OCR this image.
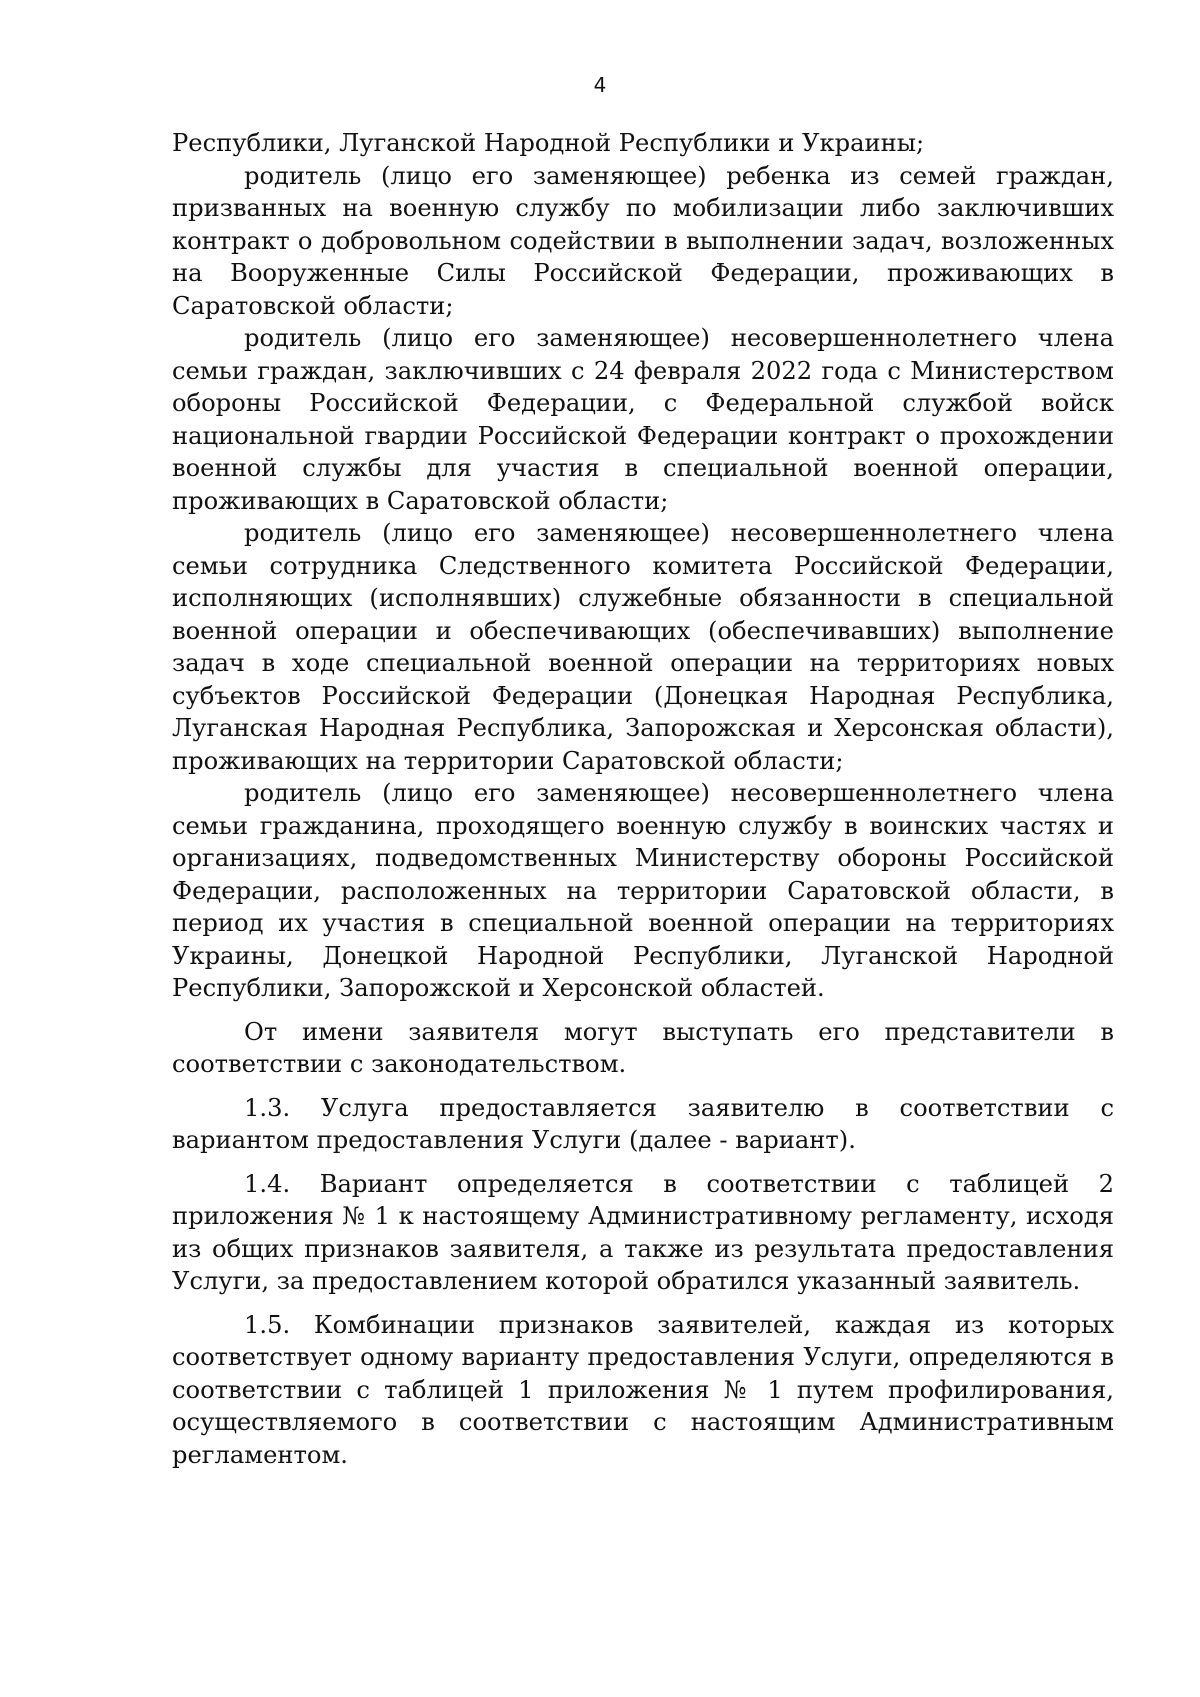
4

Республики, Луганской Народной Республики и Украины;

родитель (лицо его заменяющее) ребенка из семей граждан, призванных на военную службу по мобилизации либо заключивших контракт о добровольном содействии в выполнении задач, возложенных на Вооруженные Силы Российской Федерации, проживающих в Саратовской области;

родитель (лицо его заменяющее) несовершеннолетнего члена семьи граждан, заключивших с 24 февраля 2022 года с Министерством обороны Российской Федерации, с Федеральной службой войск национальной гвардии Российской Федерации контракт о прохождении военной службы для участия в специальной военной операции, проживающих в Саратовской области;

родитель (лицо его заменяющее) несовершеннолетнего члена семьи сотрудника Следственного комитета Российской Федерации, исполняющих (исполнявших) служебные обязанности в специальной военной операции и обеспечивающих (обеспечивавших) выполнение задач в ходе специальной военной операции на территориях новых субъектов Российской Федерации (Донецкая Народная Республика, Луганская Народная Республика, Запорожская и Херсонская области), проживающих на территории Саратовской области;

родитель (лицо его заменяющее) несовершеннолетнего члена семьи гражданина, проходящего военную службу в воинских частях и организациях, подведомственных Министерству обороны Российской Федерации, расположенных на территории Саратовской области, в период их участия в специальной военной операции на территориях Украины, Донецкой Народной Республики, Луганской Народной Республики, Запорожской и Херсонской областей.

От имени заявителя могут выступать его представители в соответствии с законодательством.

1.3. Услуга предоставляется заявителю в соответствии с вариантом предоставления Услуги (далее - вариант).

1.4. Вариант определяется в соответствии с таблицей 2 приложения № 1 к настоящему Административному регламенту, исходя из общих признаков заявителя, а также из результата предоставления Услуги, за предоставлением которой обратился указанный заявитель.

1.5. Комбинации признаков заявителей, каждая из которых соответствует одному варианту предоставления Услуги, определяются в соответствии с таблицей 1 приложения № 1 путем профилирования, осуществляемого в соответствии с настоящим Административным регламентом.
